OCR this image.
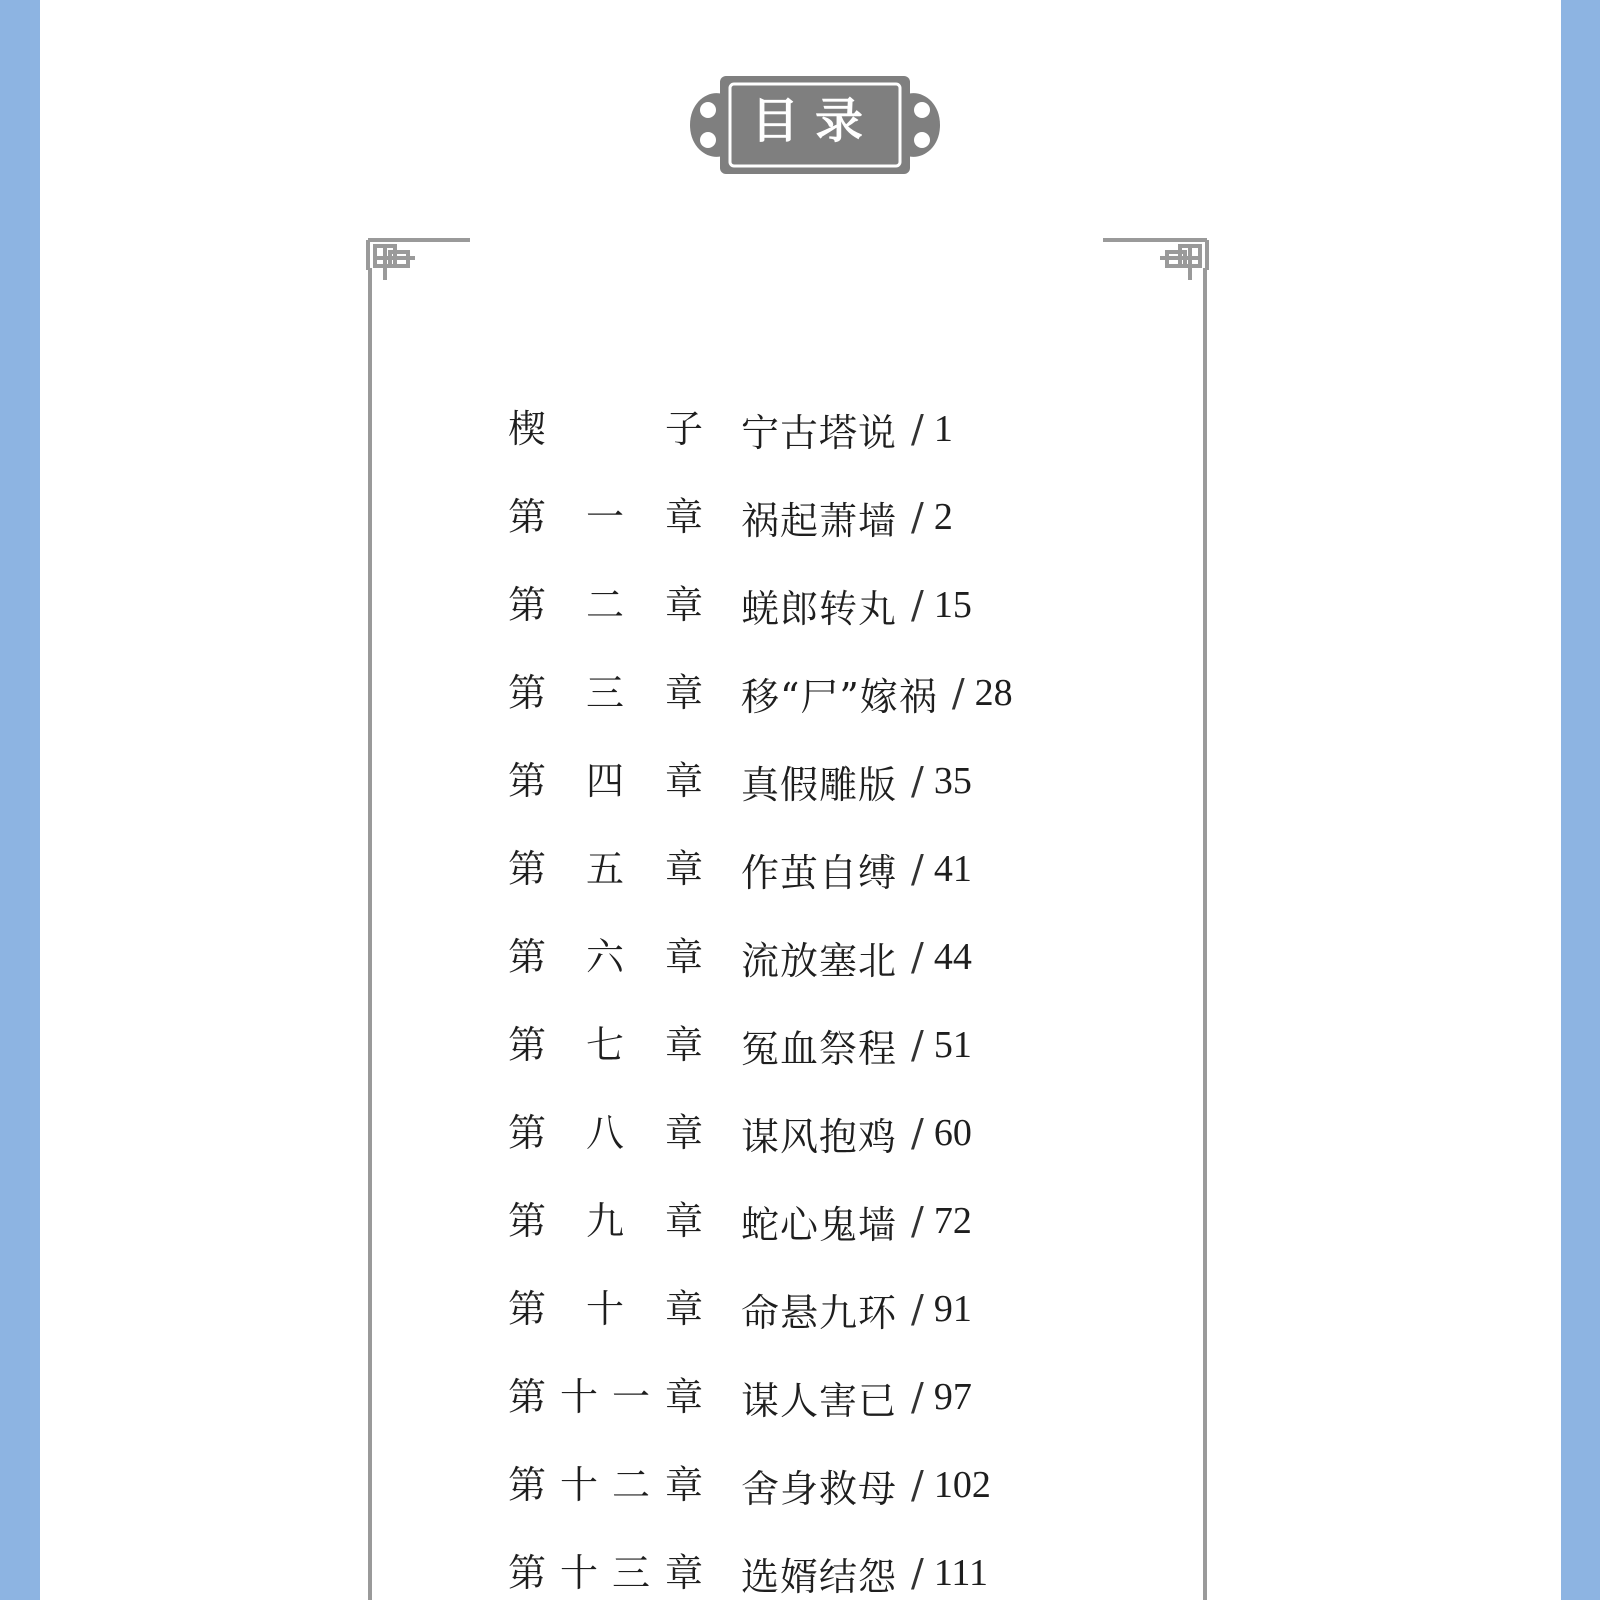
目录
楔	子 宁古塔说 / 1
第 一 章 祸起萧墙 / 2
第 二 章 蜣郎转丸 / 15
第 三 章 移“尸”嫁祸 / 28
第 四 章 真假雕版 / 35
第 五 章 作茧自缚 / 41
第 六 章 流放塞北 / 44
第 七 章 冤血祭程 / 51
第 八 章 谋风抱鸡 / 60
第 九 章 蛇心鬼墙 / 72
第 十 章 命悬九环 / 91
第 十 一 章 谋人害已 / 97
第 十 二 章 舍身救母 / 102
第 十 三 章 选婿结怨 / 111
